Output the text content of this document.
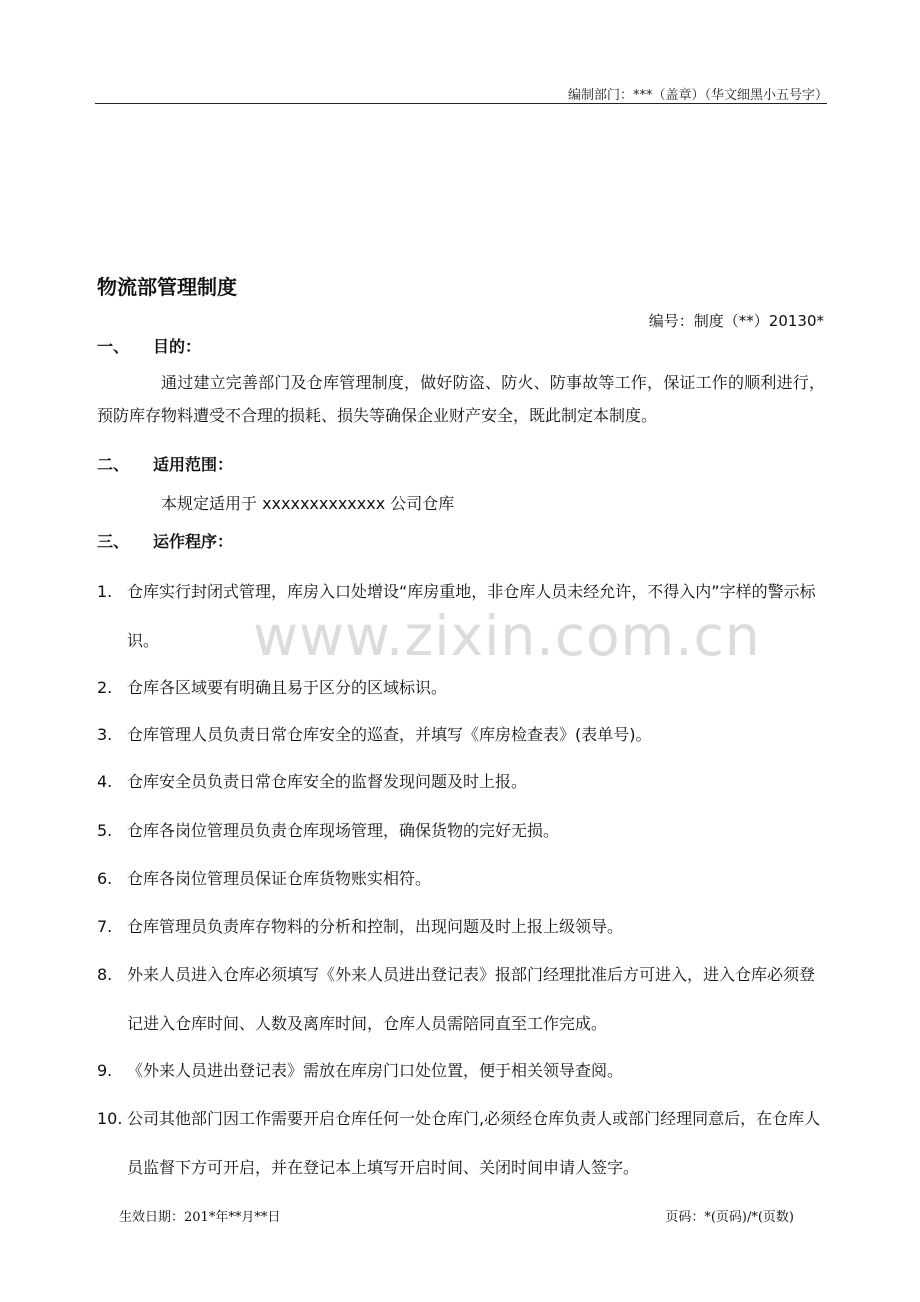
编制部门：***（盖章）（华文细黑小五号字）
物流部管理制度
编号：制度（**）20130*
一、 目的：
通过建立完善部门及仓库管理制度，做好防盗、防火、防事故等工作，保证工作的顺利进行，预防库存物料遭受不合理的损耗、损失等确保企业财产安全，既此制定本制度。
二、 适用范围：
本规定适用于 xxxxxxxxxxxxx 公司仓库
三、 运作程序：
1. 仓库实行封闭式管理，库房入口处增设“库房重地，非仓库人员未经允许，不得入内”字样的警示标识。
2. 仓库各区域要有明确且易于区分的区域标识。
3. 仓库管理人员负责日常仓库安全的巡查，并填写《库房检查表》(表单号)。
4. 仓库安全员负责日常仓库安全的监督发现问题及时上报。
5. 仓库各岗位管理员负责仓库现场管理，确保货物的完好无损。
6. 仓库各岗位管理员保证仓库货物账实相符。
7. 仓库管理员负责库存物料的分析和控制，出现问题及时上报上级领导。
8. 外来人员进入仓库必须填写《外来人员进出登记表》报部门经理批准后方可进入，进入仓库必须登记进入仓库时间、人数及离库时间，仓库人员需陪同直至工作完成。
9. 《外来人员进出登记表》需放在库房门口处位置，便于相关领导查阅。
10. 公司其他部门因工作需要开启仓库任何一处仓库门,必须经仓库负责人或部门经理同意后，在仓库人员监督下方可开启，并在登记本上填写开启时间、关闭时间申请人签字。
www.zixin.com.cn
生效日期：201*年**月**日	页码：*(页码)/*(页数)
